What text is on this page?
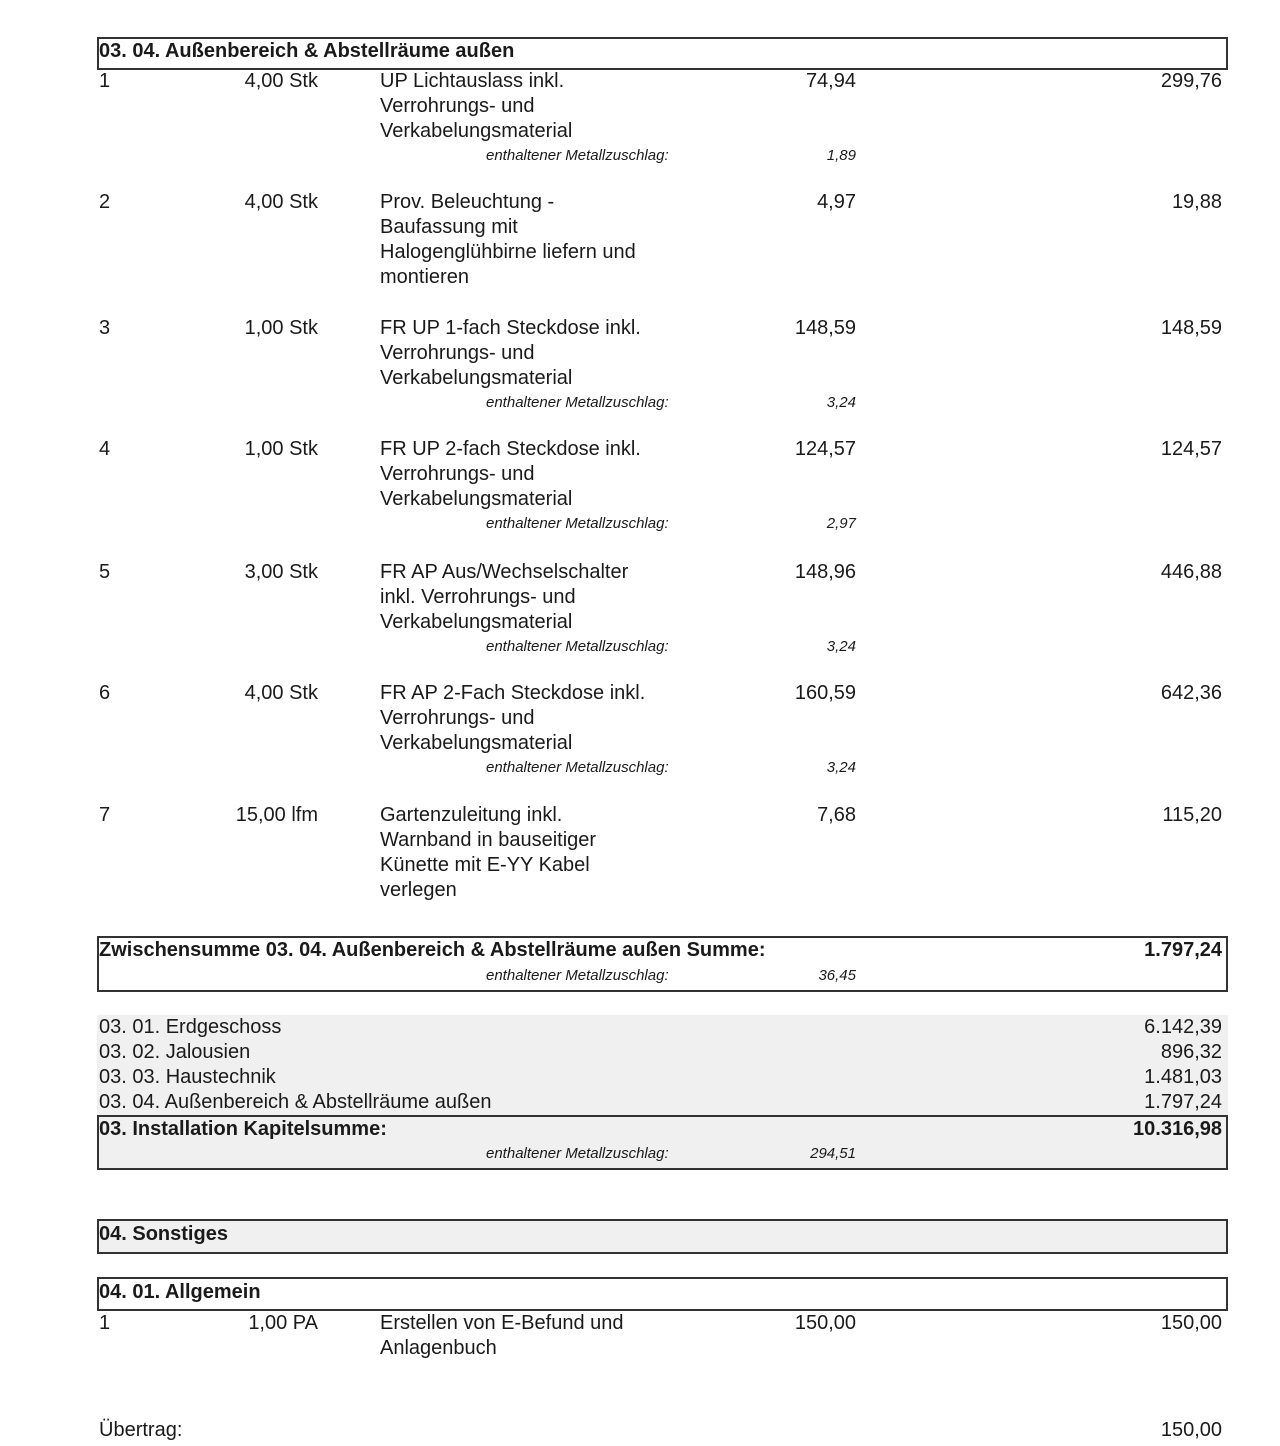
03. 04. Außenbereich & Abstellräume außen
1	4,00 Stk	UP Lichtauslass inkl.
Verrohrungs- und
Verkabelungsmaterial
74,94	299,76
enthaltener Metallzuschlag:	1,89
2	4,00 Stk	Prov. Beleuchtung -
Baufassung mit
Halogenglühbirne liefern und
montieren
4,97	19,88
3	1,00 Stk	FR UP 1-fach Steckdose inkl.
Verrohrungs- und
Verkabelungsmaterial
148,59	148,59
enthaltener Metallzuschlag:	3,24
4	1,00 Stk	FR UP 2-fach Steckdose inkl.
Verrohrungs- und
Verkabelungsmaterial
124,57	124,57
enthaltener Metallzuschlag:	2,97
5	3,00 Stk	FR AP Aus/Wechselschalter
inkl. Verrohrungs- und
Verkabelungsmaterial
148,96	446,88
enthaltener Metallzuschlag:	3,24
6	4,00 Stk	FR AP 2-Fach Steckdose inkl.
Verrohrungs- und
Verkabelungsmaterial
160,59	642,36
enthaltener Metallzuschlag:	3,24
7	15,00 lfm	Gartenzuleitung inkl.
Warnband in bauseitiger
Künette mit E-YY Kabel
verlegen
7,68	115,20
Zwischensumme 03. 04. Außenbereich & Abstellräume außen Summe:	1.797,24
enthaltener Metallzuschlag:	36,45
03. 01. Erdgeschoss	6.142,39
03. 02. Jalousien	896,32
03. 03. Haustechnik	1.481,03
03. 04. Außenbereich & Abstellräume außen	1.797,24
03. Installation Kapitelsumme:	10.316,98
enthaltener Metallzuschlag:	294,51
04. Sonstiges
04. 01. Allgemein
1	1,00 PA	Erstellen von E-Befund und
Anlagenbuch
150,00	150,00
Übertrag:	150,00
